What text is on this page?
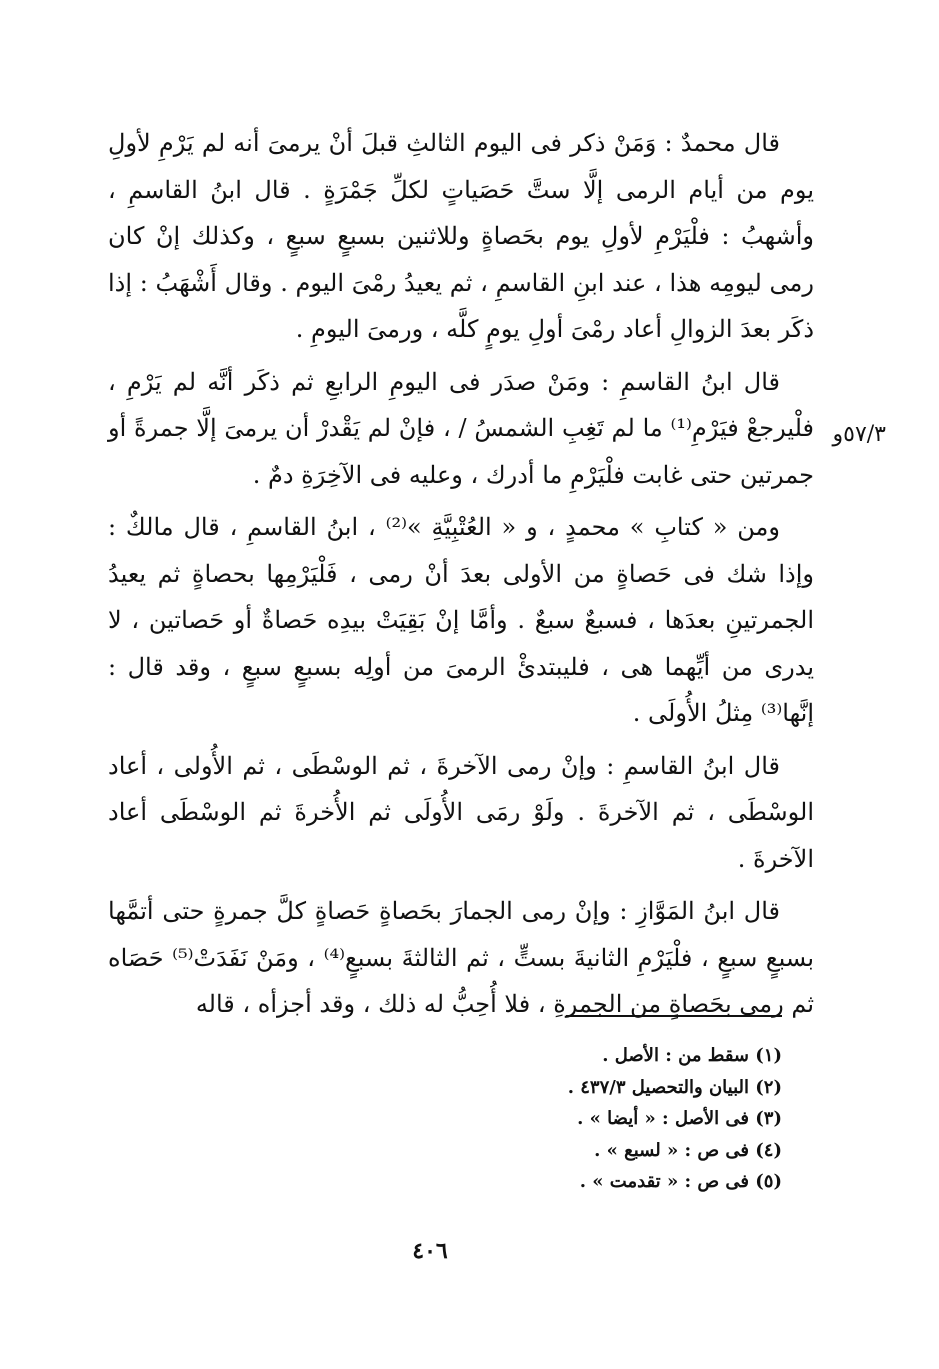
قال محمدٌ : وَمَنْ ذكر فى اليوم الثالثِ قبلَ أنْ يرمىَ أنه لم يَرْمِ لأولِ يوم من أيام الرمى إلَّا ستَّ حَصَياتٍ لكلِّ جَمْرَةٍ . قال ابنُ القاسمِ ، وأشهبُ : فلْيَرْمِ لأولِ يوم بحَصاةٍ وللاثنين بسبعٍ سبعٍ ، وكذلك إنْ كان رمى ليومِه هذا ، عند ابنِ القاسمِ ، ثم يعيدُ رمْىَ اليوم . وقال أَشْهَبُ : إذا ذكَر بعدَ الزوالِ أعاد رمْىَ أولِ يومٍ كلَّه ، ورمىَ اليومِ .

قال ابنُ القاسمِ : ومَنْ صدَر فى اليومِ الرابعِ ثم ذكَر أنَّه لم يَرْمِ ، فلْيرجعْ فيَرْمِ⁽¹⁾ ما لم تَغِبِ الشمسُ / ، فإنْ لم يَقْدرْ أن يرمىَ إلَّا جمرةً أو جمرتين حتى غابت فلْيَرْمِ ما أدرك ، وعليه فى الآخِرَةِ دمٌ .

ومن « كتابِ » محمدٍ ، و « العُتْبِيَّةِ »⁽²⁾ ، ابنُ القاسمِ ، قال مالكٌ : وإذا شك فى حَصاةٍ من الأولى بعدَ أنْ رمى ، فَلْيَرْمِها بحصاةٍ ثم يعيدُ الجمرتينِ بعدَها ، فسبعٌ سبعٌ . وأمَّا إنْ بَقِيَتْ بيدِه حَصاةٌ أو حَصاتين ، لا يدرى من أيِّهما هى ، فليبتدئْ الرمىَ من أولِه بسبعٍ سبعٍ ، وقد قال : إنَّها⁽³⁾ مِثلُ الأُولَى .

قال ابنُ القاسمِ : وإنْ رمى الآخرةَ ، ثم الوسْطَى ، ثم الأُولى ، أعاد الوسْطَى ، ثم الآخرةَ . ولَوْ رمَى الأُولَى ثم الأُخرةَ ثم الوسْطَى أعاد الآخرةَ .

قال ابنُ المَوَّازِ : وإنْ رمى الجمارَ بحَصاةٍ حَصاةٍ كلَّ جمرةٍ حتى أتمَّها بسبعٍ سبعٍ ، فلْيَرْمِ الثانيةَ بستٍّ ، ثم الثالثةَ بسبعٍ⁽⁴⁾ ، ومَنْ نَفَدَتْ⁽⁵⁾ حَصَاه ثم رمى بحَصاةٍ من الجمرةِ ، فلا أُحِبُّ له ذلك ، وقد أجزأه ، قاله

٥٧/٣و
(١) سقط من : الأصل .
(٢) البيان والتحصيل ٤٣٧/٣ .
(٣) فى الأصل : « أيضا » .
(٤) فى ص : « لسبع » .
(٥) فى ص : « تقدمت » .
٤٠٦
